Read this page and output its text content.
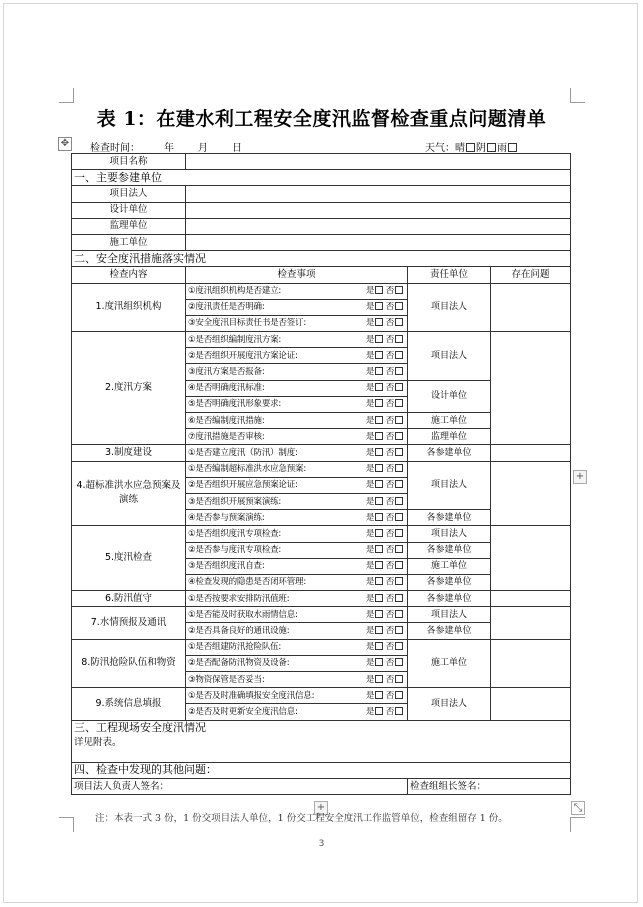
表 1：在建水利工程安全度汛监督检查重点问题清单
✥ 检查时间： 年 月 日	天气：晴 阴 雨
项目名称			
一、主要参建单位			
项目法人			
设计单位			
监理单位			
施工单位			
二、安全度汛措施落实情况			
检查内容	检查事项	责任单位	存在问题
1.度汛组织机构	①度汛组织机构是否建立: 是 否	项目法人	
	②度汛责任是否明确: 是 否		

	③安全度汛目标责任书是否签订: 是 否		

2.度汛方案	①是否组织编制度汛方案: 是 否	项目法人	
	②是否组织开展度汛方案论证: 是 否		

	③度汛方案是否报备: 是 否		

	④是否明确度汛标准: 是 否	设计单位	
	⑤是否明确度汛形象要求: 是 否		

	⑥是否编制度汛措施: 是 否	施工单位	
	⑦度汛措施是否审核: 是 否	监理单位	
3.制度建设	①是否建立度汛（防汛）制度: 是 否	各参建单位	
4.超标准洪水应急预案及演练	①是否编制超标准洪水应急预案: 是 否	项目法人	
	②是否组织开展应急预案论证: 是 否		

	③是否组织开展预案演练: 是 否		

	④是否参与预案演练: 是 否	各参建单位	
5.度汛检查	①是否组织度汛专项检查: 是 否	项目法人	
	②是否参与度汛专项检查: 是 否	各参建单位	
	③是否组织度汛自查: 是 否	施工单位	
	④检查发现的隐患是否闭环管理: 是 否	各参建单位	
6.防汛值守	①是否按要求安排防汛值班: 是 否	各参建单位	
7.水情预报及通讯	①是否能及时获取水雨情信息: 是 否	项目法人	
	②是否具备良好的通讯设施: 是 否	各参建单位	
8.防汛抢险队伍和物资	①是否组建防汛抢险队伍: 是 否	施工单位	
	②是否配备防汛物资及设备: 是 否		

	③物资保管是否妥当: 是 否		

9.系统信息填报	①是否及时准确填报安全度汛信息: 是 否	项目法人	
	②是否及时更新安全度汛信息: 是 否		

三、工程现场安全度汛情况			
详见附表。			
四、检查中发现的其他问题：			
项目法人负责人签名：		检查组组长签名：	
+
+	⤡
注：本表一式 3 份，1 份交项目法人单位，1 份交工程安全度汛工作监管单位，检查组留存 1 份。
3
